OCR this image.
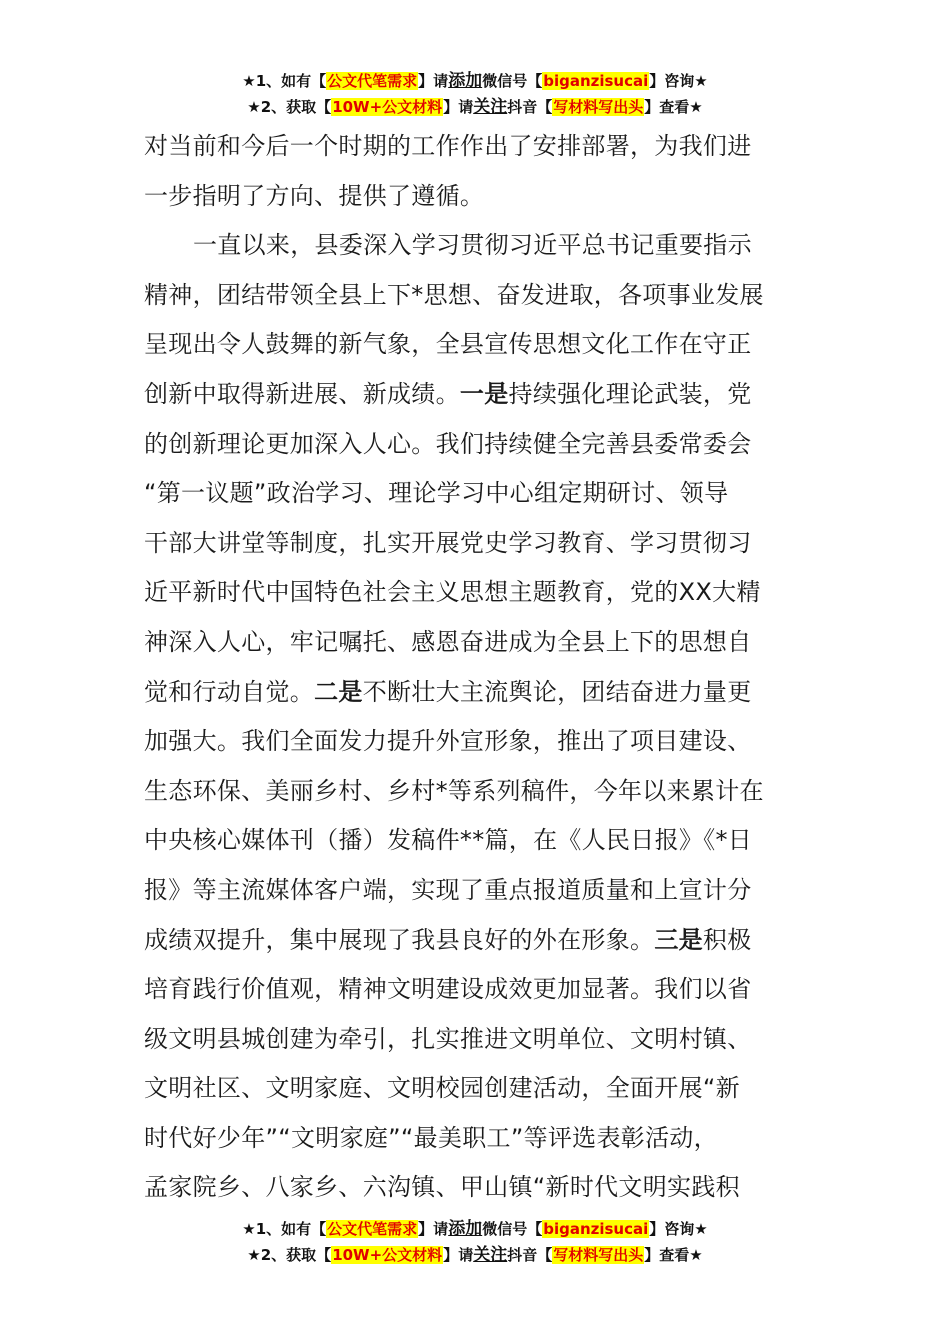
★1、如有【公文代笔需求】请添加微信号【biganzisucai】咨询★
★2、获取【10W+公文材料】请关注抖音【写材料写出头】查看★

对当前和今后一个时期的工作作出了安排部署，为我们进
一步指明了方向、提供了遵循。

一直以来，县委深入学习贯彻习近平总书记重要指示
精神，团结带领全县上下*思想、奋发进取，各项事业发展
呈现出令人鼓舞的新气象，全县宣传思想文化工作在守正
创新中取得新进展、新成绩。一是持续强化理论武装，党
的创新理论更加深入人心。我们持续健全完善县委常委会
“第一议题”政治学习、理论学习中心组定期研讨、领导
干部大讲堂等制度，扎实开展党史学习教育、学习贯彻习
近平新时代中国特色社会主义思想主题教育，党的XX大精
神深入人心，牢记嘱托、感恩奋进成为全县上下的思想自
觉和行动自觉。二是不断壮大主流舆论，团结奋进力量更
加强大。我们全面发力提升外宣形象，推出了项目建设、
生态环保、美丽乡村、乡村*等系列稿件，今年以来累计在
中央核心媒体刊（播）发稿件**篇，在《人民日报》《*日
报》等主流媒体客户端，实现了重点报道质量和上宣计分
成绩双提升，集中展现了我县良好的外在形象。三是积极
培育践行价值观，精神文明建设成效更加显著。我们以省
级文明县城创建为牵引，扎实推进文明单位、文明村镇、
文明社区、文明家庭、文明校园创建活动，全面开展“新
时代好少年”“文明家庭”“最美职工”等评选表彰活动，
孟家院乡、八家乡、六沟镇、甲山镇“新时代文明实践积

★1、如有【公文代笔需求】请添加微信号【biganzisucai】咨询★
★2、获取【10W+公文材料】请关注抖音【写材料写出头】查看★
